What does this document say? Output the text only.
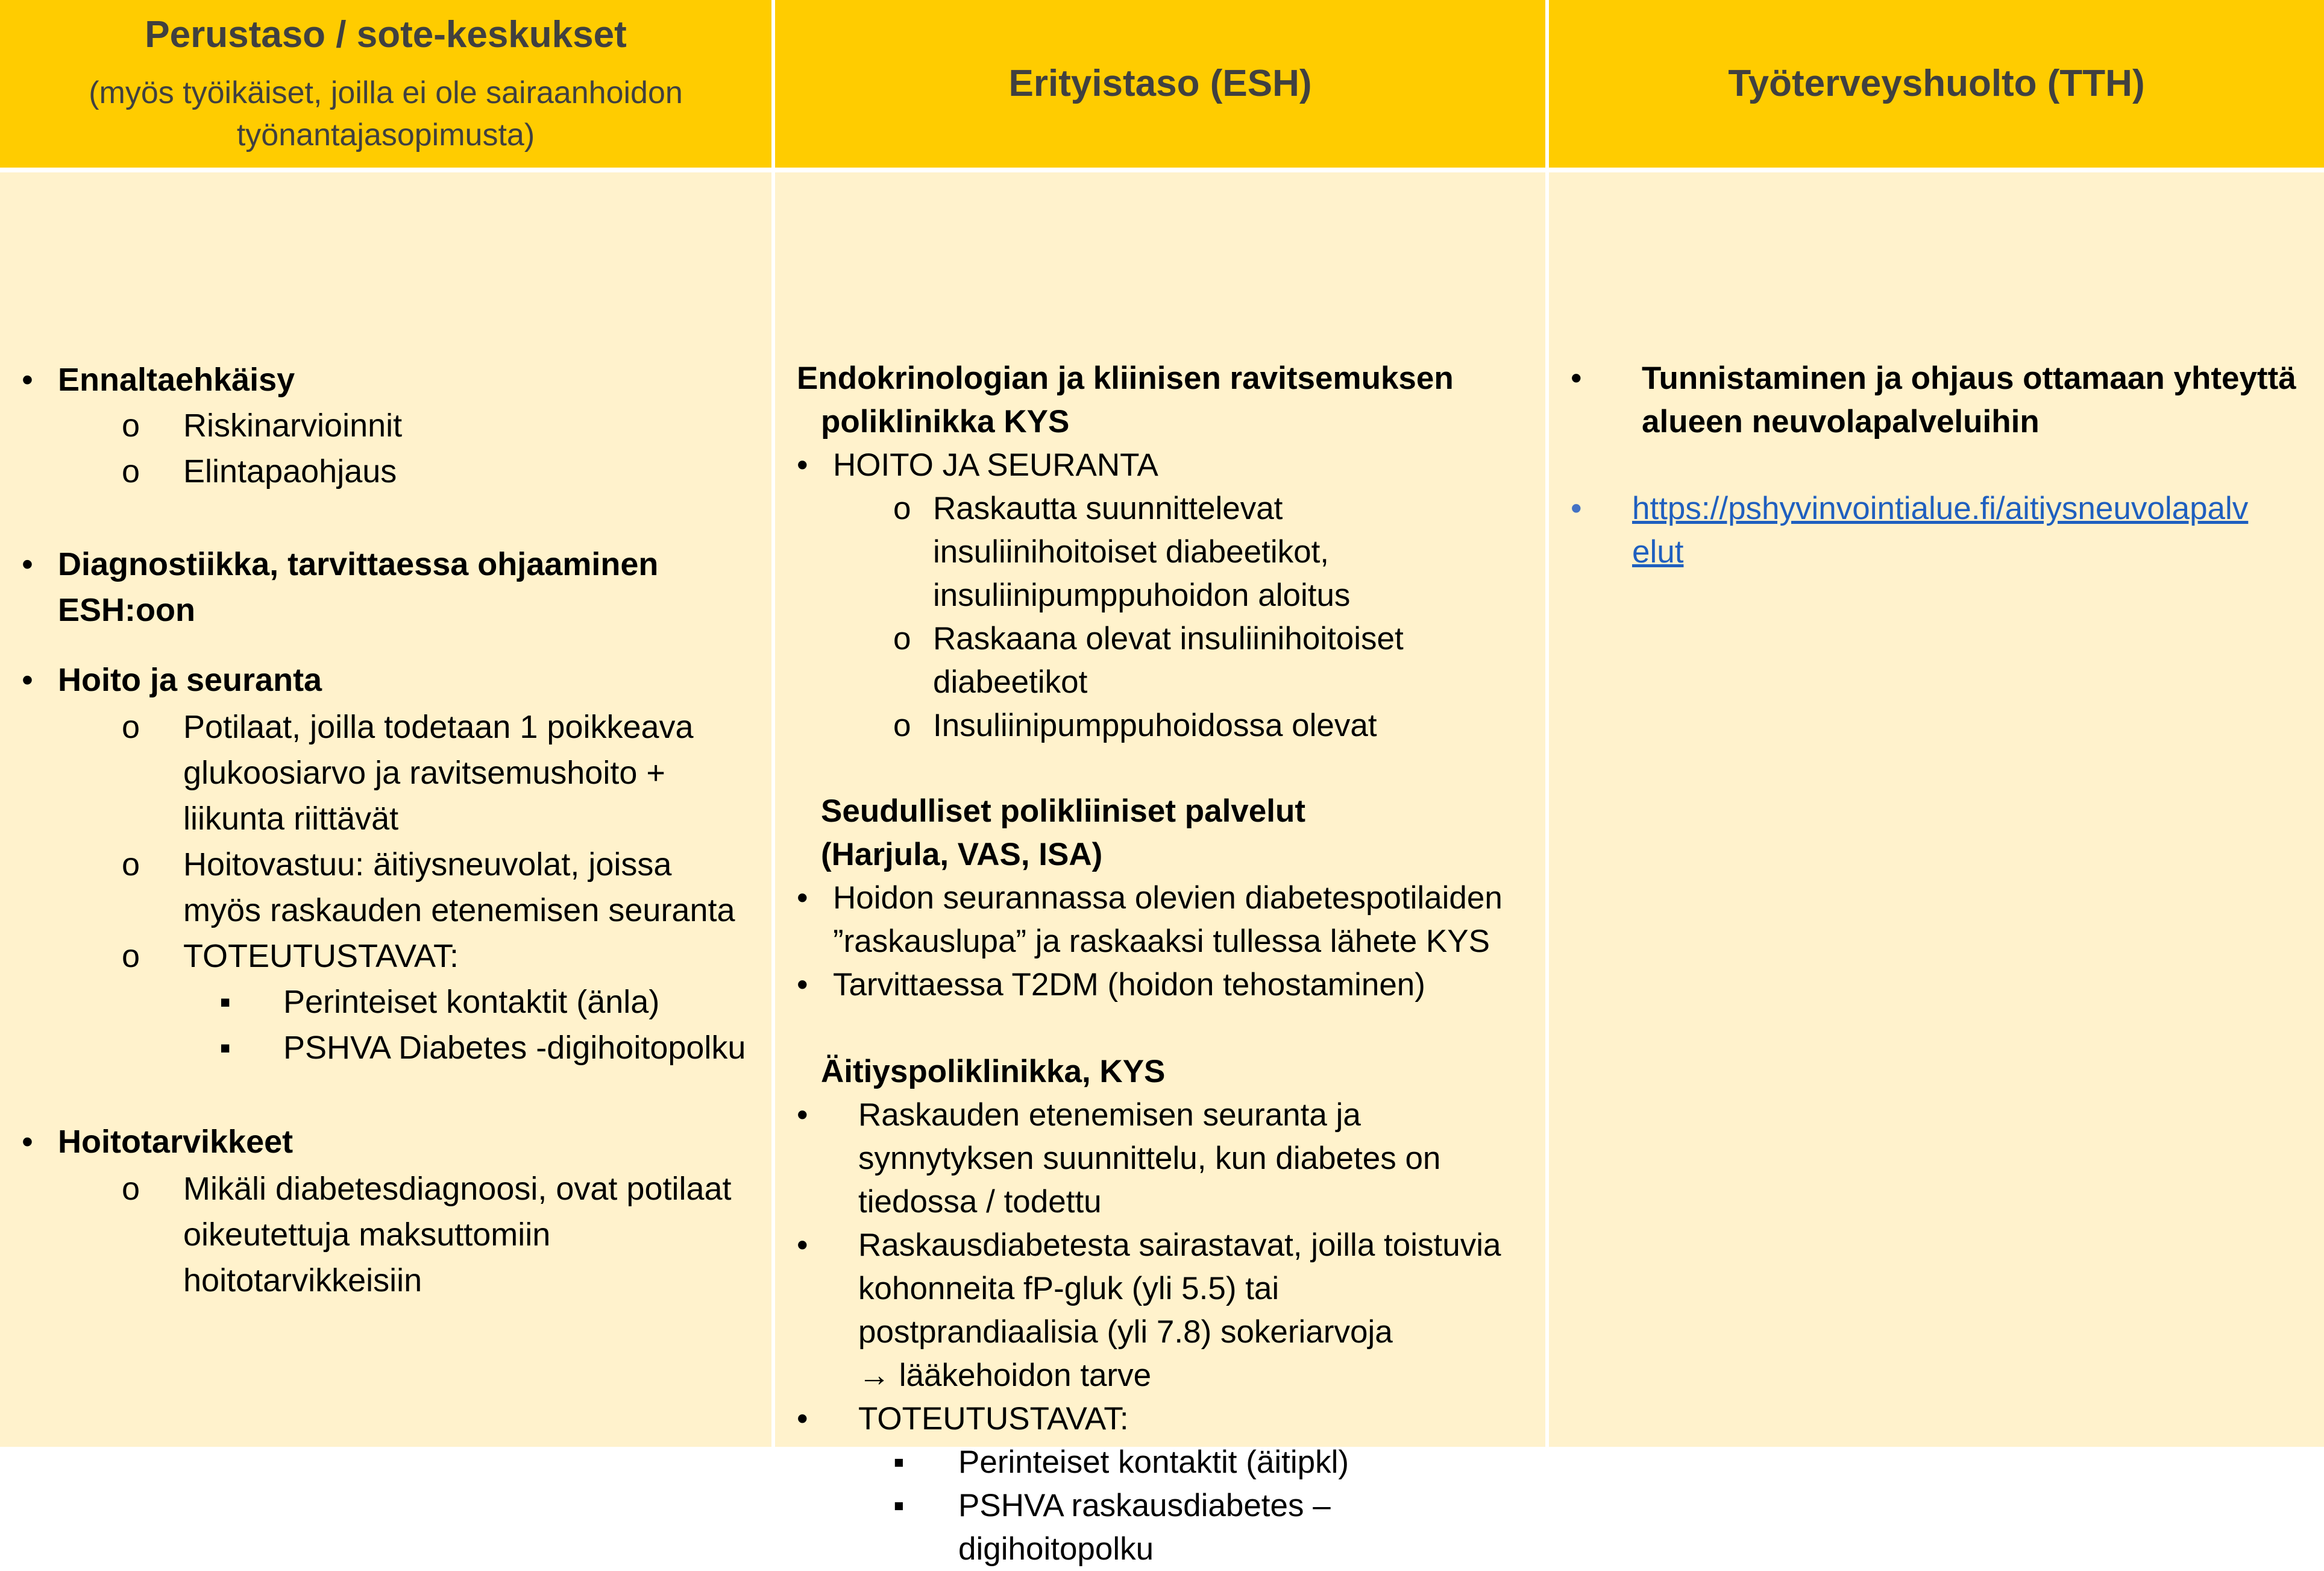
Perustaso / sote-keskukset
(myös työikäiset, joilla ei ole sairaanhoidon työnantajasopimusta)
Erityistaso (ESH)	Työterveyshuolto (TTH)
• Ennaltaehkäisy
o Riskinarvioinnit
o Elintapaohjaus
• Diagnostiikka, tarvittaessa ohjaaminen
ESH:oon
• Hoito ja seuranta
o Potilaat, joilla todetaan 1 poikkeava
glukoosiarvo ja ravitsemushoito +
liikunta riittävät
o Hoitovastuu: äitiysneuvolat, joissa
myös raskauden etenemisen seuranta
o TOTEUTUSTAVAT:
▪ Perinteiset kontaktit (änla)
▪ PSHVA Diabetes -digihoitopolku
• Hoitotarvikkeet
o Mikäli diabetesdiagnoosi, ovat potilaat
oikeutettuja maksuttomiin
hoitotarvikkeisiin
Endokrinologian ja kliinisen ravitsemuksen
poliklinikka KYS
• HOITO JA SEURANTA
o Raskautta suunnittelevat
insuliinihoitoiset diabeetikot,
insuliinipumppuhoidon aloitus
o Raskaana olevat insuliinihoitoiset
diabeetikot
o Insuliinipumppuhoidossa olevat
Seudulliset polikliiniset palvelut
(Harjula, VAS, ISA)
• Hoidon seurannassa olevien diabetespotilaiden
”raskauslupa” ja raskaaksi tullessa lähete KYS
• Tarvittaessa T2DM (hoidon tehostaminen)
Äitiyspoliklinikka, KYS
• Raskauden etenemisen seuranta ja
synnytyksen suunnittelu, kun diabetes on
tiedossa / todettu
• Raskausdiabetesta sairastavat, joilla toistuvia
kohonneita fP-gluk (yli 5.5) tai
postprandiaalisia (yli 7.8) sokeriarvoja
→ lääkehoidon tarve
• TOTEUTUSTAVAT:
▪ Perinteiset kontaktit (äitipkl)
▪ PSHVA raskausdiabetes –
digihoitopolku
• Tunnistaminen ja ohjaus ottamaan yhteyttä
alueen neuvolapalveluihin
• https://pshyvinvointialue.fi/aitiysneuvolapalv
elut
